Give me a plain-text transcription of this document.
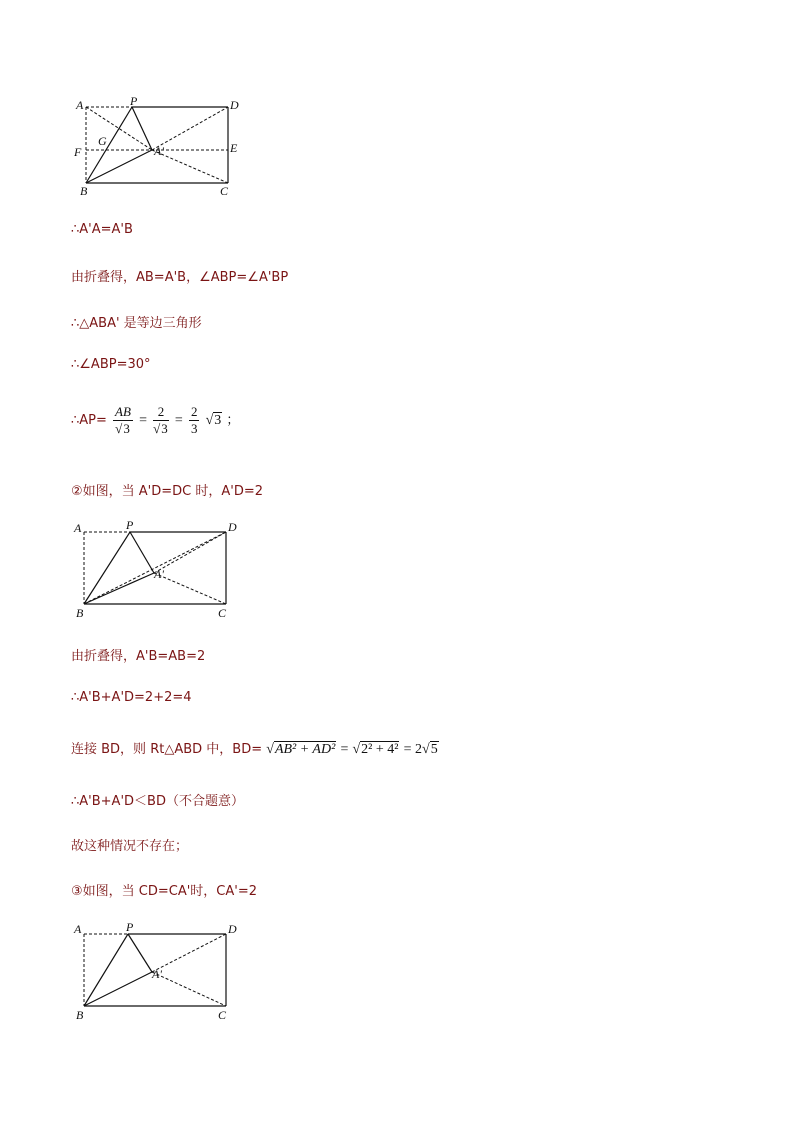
A	P	D
G
F	A'	E
B	C
∴A'A=A'B
由折叠得，AB=A'B，∠ABP=∠A'BP
∴△ABA' 是等边三角形
∴∠ABP=30°
∴AP= $\frac{AB}{√3} = \frac{2}{√3} = \frac{2}{3} √3$ ；
②如图，当 A'D=DC 时，A'D=2
A	P	D
A'
B	C
由折叠得，A'B=AB=2
∴A'B+A'D=2+2=4
连接 BD，则 Rt△ABD 中，BD= √AB² + AD² = √2² + 4² = 2√5
∴A'B+A'D＜BD（不合题意）
故这种情况不存在；
③如图，当 CD=CA'时，CA'=2
A	P	D
A'
B	C
